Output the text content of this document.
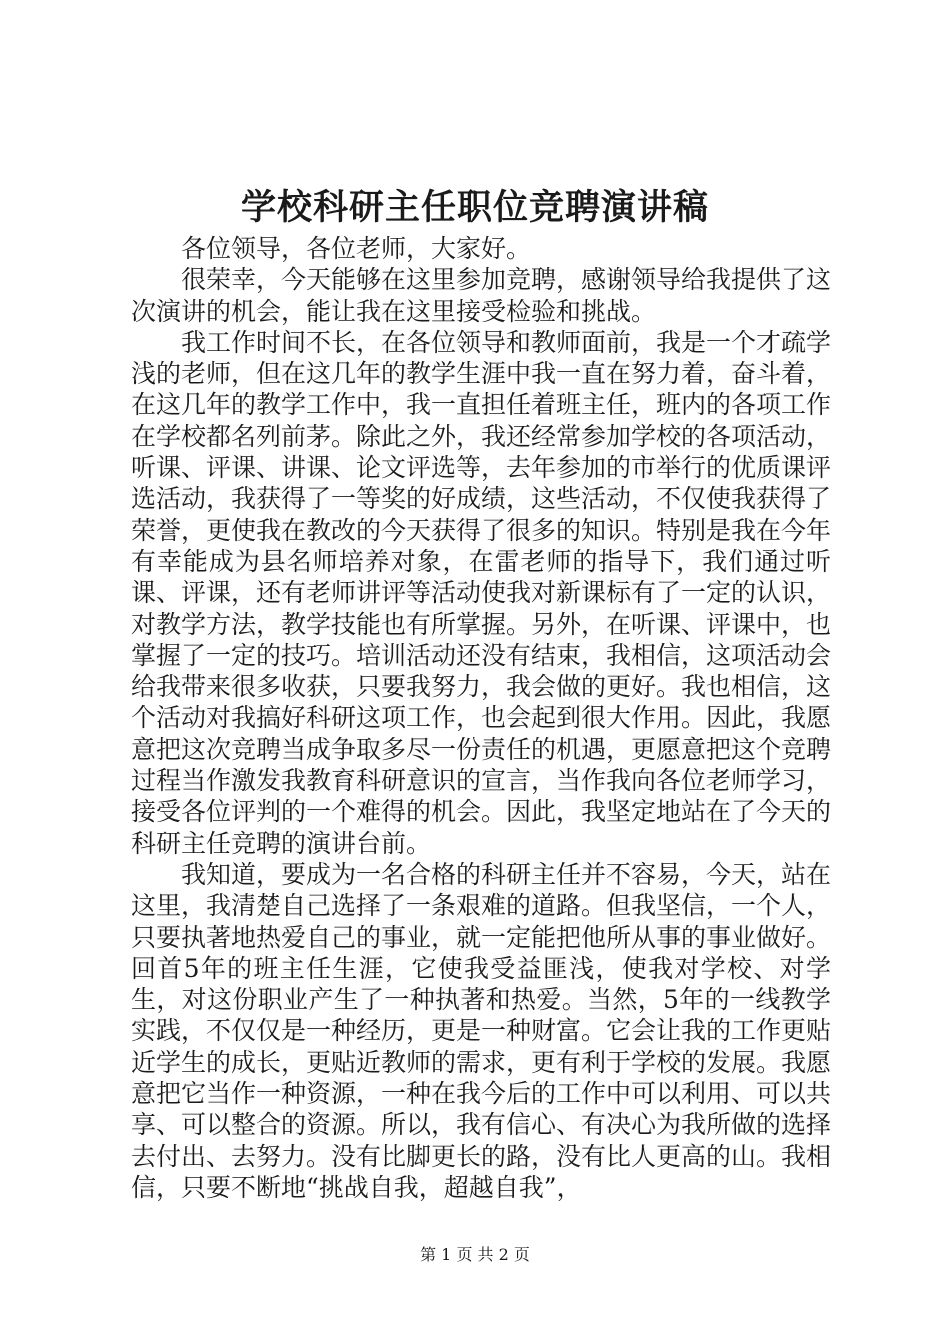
学校科研主任职位竞聘演讲稿

各位领导，各位老师，大家好。

很荣幸，今天能够在这里参加竞聘，感谢领导给我提供了这次演讲的机会，能让我在这里接受检验和挑战。

我工作时间不长，在各位领导和教师面前，我是一个才疏学浅的老师，但在这几年的教学生涯中我一直在努力着，奋斗着，在这几年的教学工作中，我一直担任着班主任，班内的各项工作在学校都名列前茅。除此之外，我还经常参加学校的各项活动，听课、评课、讲课、论文评选等，去年参加的市举行的优质课评选活动，我获得了一等奖的好成绩，这些活动，不仅使我获得了荣誉，更使我在教改的今天获得了很多的知识。特别是我在今年有幸能成为县名师培养对象，在雷老师的指导下，我们通过听课、评课，还有老师讲评等活动使我对新课标有了一定的认识，对教学方法，教学技能也有所掌握。另外，在听课、评课中，也掌握了一定的技巧。培训活动还没有结束，我相信，这项活动会给我带来很多收获，只要我努力，我会做的更好。我也相信，这个活动对我搞好科研这项工作，也会起到很大作用。因此，我愿意把这次竞聘当成争取多尽一份责任的机遇，更愿意把这个竞聘过程当作激发我教育科研意识的宣言，当作我向各位老师学习，接受各位评判的一个难得的机会。因此，我坚定地站在了今天的科研主任竞聘的演讲台前。

我知道，要成为一名合格的科研主任并不容易，今天，站在这里，我清楚自己选择了一条艰难的道路。但我坚信，一个人，只要执著地热爱自己的事业，就一定能把他所从事的事业做好。回首5年的班主任生涯，它使我受益匪浅，使我对学校、对学生，对这份职业产生了一种执著和热爱。当然，5年的一线教学实践，不仅仅是一种经历，更是一种财富。它会让我的工作更贴近学生的成长，更贴近教师的需求，更有利于学校的发展。我愿意把它当作一种资源，一种在我今后的工作中可以利用、可以共享、可以整合的资源。所以，我有信心、有决心为我所做的选择去付出、去努力。没有比脚更长的路，没有比人更高的山。我相信，只要不断地“挑战自我，超越自我”，

第 1 页 共 2 页
